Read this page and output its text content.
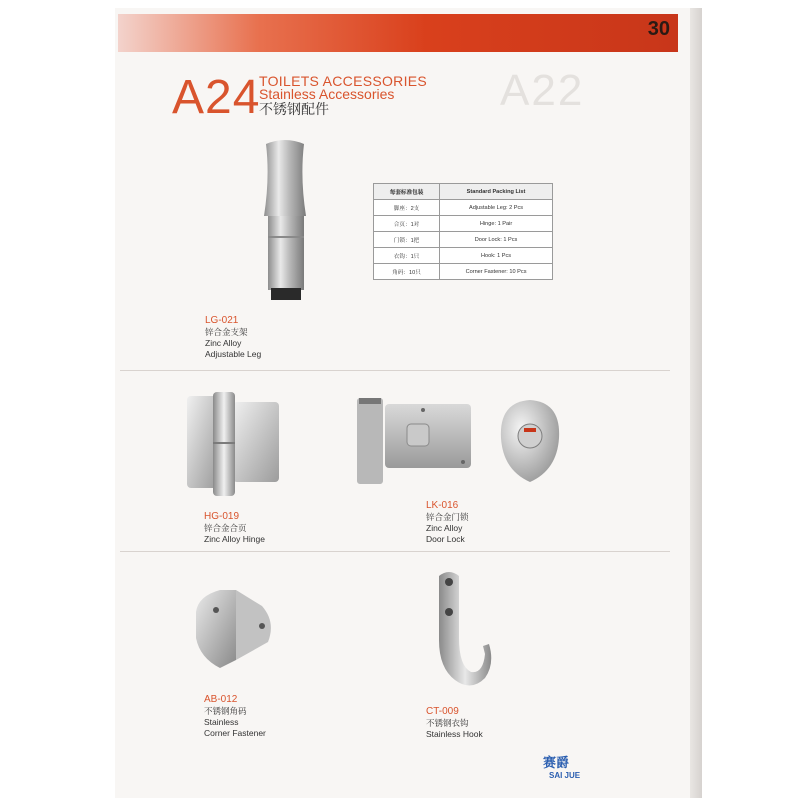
30
A22
A24
TOILETS ACCESSORIES
Stainless Accessories
不锈钢配件
每套标准包装	Standard Packing List
脚座：2支	Adjustable Leg: 2 Pcs
合页：1对	Hinge: 1 Pair
门锁：1把	Door Lock: 1 Pcs
衣钩：1只	Hook: 1 Pcs
角码：10只	Corner Fastener: 10 Pcs
LG-021
锌合金支架
Zinc Alloy
Adjustable Leg
HG-019
锌合金合页
Zinc Alloy Hinge
LK-016
锌合金门锁
Zinc Alloy
Door Lock
AB-012
不锈钢角码
Stainless
Corner Fastener
CT-009
不锈钢衣钩
Stainless Hook
赛爵
SAI JUE
